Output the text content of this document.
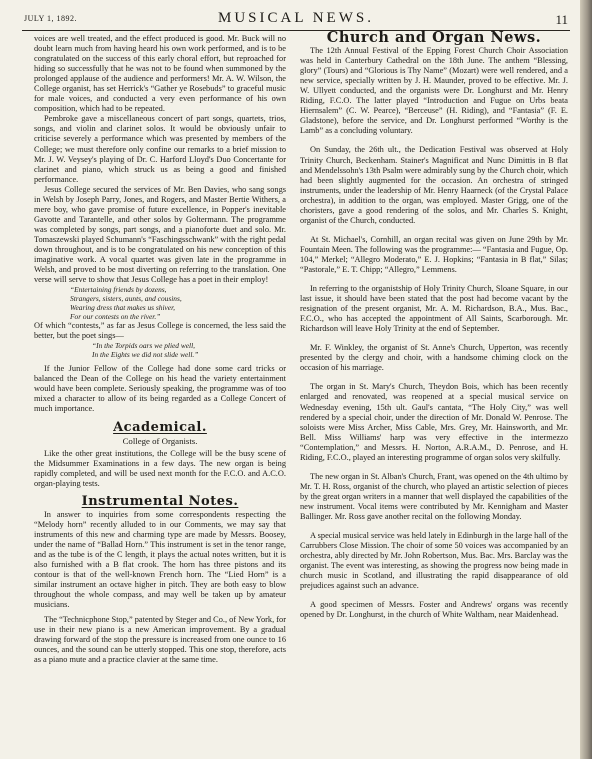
JULY 1, 1892.	MUSICAL NEWS.	11

voices are well treated, and the effect produced is good. Mr. Buck will no doubt learn much from having heard his own work performed, and is to be congratulated on the success of this early choral effort, but reproached for hiding so successfully that he was not to be found when summoned by the prolonged applause of the audience and performers! Mr. A. W. Wilson, the College organist, has set Herrick's “Gather ye Rosebuds” to graceful music for male voices, and conducted a very even performance of his own composition, which had to be repeated.

Pembroke gave a miscellaneous concert of part songs, quartets, trios, songs, and violin and clarinet solos. It would be obviously unfair to criticise severely a performance which was presented by members of the College; we must therefore only confine our remarks to a brief mission to Mr. J. W. Veysey's playing of Dr. C. Harford Lloyd's Duo Concertante for clarinet and piano, which struck us as being a good and finished performance.

Jesus College secured the services of Mr. Ben Davies, who sang songs in Welsh by Joseph Parry, Jones, and Rogers, and Master Bertie Withers, a mere boy, who gave promise of future excellence, in Popper's inevitable Gavotte and Tarantelle, and other solos by Goltermann. The programme was completed by songs, part songs, and a pianoforte duet and solo. Mr. Tomaszewski played Schumann's “Faschingsschwank” with the right pedal down throughout, and is to be congratulated on his new conception of this imaginative work. A vocal quartet was given late in the programme in Welsh, and proved to be most diverting on referring to the translation. One verse will serve to show that Jesus College has a poet in their employ!

“Entertaining friends by dozens,
Strangers, sisters, aunts, and cousins,
Wearing dress that makes us shiver,
For our contests on the river.”

Of which “contests,” as far as Jesus College is concerned, the less said the better, but the poet sings—

“In the Torpids oars we plied well,
In the Eights we did not slide well.”

If the Junior Fellow of the College had done some card tricks or balanced the Dean of the College on his head the variety entertainment would have been complete. Seriously speaking, the programme was of too mixed a character to allow of its being regarded as a College Concert of much importance.

Academical.
College of Organists.

Like the other great institutions, the College will be the busy scene of the Midsummer Examinations in a few days. The new organ is being rapidly completed, and will be used next month for the F.C.O. and A.C.O. organ-playing tests.

Instrumental Notes.

In answer to inquiries from some correspondents respecting the “Melody horn” recently alluded to in our Comments, we may say that instruments of this new and charming type are made by Messrs. Boosey, under the name of “Ballad Horn.” This instrument is set in the tenor range, and as the tube is of the C length, it plays the actual notes written, but it is also furnished with a B flat crook. The horn has three pistons and its contour is that of the well-known French horn. The “Lied Horn” is a similar instrument an octave higher in pitch. They are both easy to blow throughout the whole compass, and may well be taken up by amateur musicians.

The “Technicphone Stop,” patented by Steger and Co., of New York, for use in their new piano is a new American improvement. By a gradual drawing forward of the stop the pressure is increased from one ounce to 16 ounces, and the sound can be utterly stopped. This one stop, therefore, acts as a piano mute and a practice clavier at the same time.

Church and Organ News.

The 12th Annual Festival of the Epping Forest Church Choir Association was held in Canterbury Cathedral on the 18th June. The anthem “Blessing, glory” (Tours) and “Glorious is Thy Name” (Mozart) were well rendered, and a new service, specially written by J. H. Maunder, proved to be effective. Mr. J. W. Ullyett conducted, and the organists were Dr. Longhurst and Mr. Henry Riding, F.C.O. The latter played “Introduction and Fugue on Urbs beata Hiernsalem” (C. W. Pearce), “Berceuse” (H. Riding), and “Fantasia” (F. E. Gladstone), before the service, and Dr. Longhurst performed “Worthy is the Lamb” as a concluding voluntary.

On Sunday, the 26th ult., the Dedication Festival was observed at Holy Trinity Church, Beckenham. Stainer's Magnificat and Nunc Dimittis in B flat and Mendelssohn's 13th Psalm were admirably sung by the Church choir, which had been slightly augmented for the occasion. An orchestra of stringed instruments, under the leadership of Mr. Henry Haarneck (of the Crystal Palace orchestra), in addition to the organ, was employed. Master Grigg, one of the choristers, gave a good rendering of the solos, and Mr. Charles S. Knight, organist of the Church, conducted.

At St. Michael's, Cornhill, an organ recital was given on June 29th by Mr. Fountain Meen. The following was the programme:— “Fantasia and Fugue, Op. 104,” Merkel; “Allegro Moderato,” E. J. Hopkins; “Fantasia in B flat,” Silas; “Pastorale,” E. T. Chipp; “Allegro,” Lemmens.

In referring to the organistship of Holy Trinity Church, Sloane Square, in our last issue, it should have been stated that the post had become vacant by the resignation of the present organist, Mr. A. M. Richardson, B.A., Mus. Bac., F.C.O., who has accepted the appointment of All Saints, Scarborough. Mr. Richardson will leave Holy Trinity at the end of September.

Mr. F. Winkley, the organist of St. Anne's Church, Upperton, was recently presented by the clergy and choir, with a handsome chiming clock on the occasion of his marriage.

The organ in St. Mary's Church, Theydon Bois, which has been recently enlarged and renovated, was reopened at a special musical service on Wednesday evening, 15th ult. Gaul's cantata, “The Holy City,” was well rendered by a special choir, under the direction of Mr. Donald W. Penrose. The soloists were Miss Archer, Miss Cable, Mrs. Grey, Mr. Hainsworth, and Mr. Bell. Miss Williams' harp was very effective in the intermezzo “Contemplation,” and Messrs. H. Norton, A.R.A.M., D. Penrose, and H. Riding, F.C.O., played an interesting programme of organ solos very skilfully.

The new organ in St. Alban's Church, Frant, was opened on the 4th ultimo by Mr. T. H. Ross, organist of the church, who played an artistic selection of pieces by the great organ writers in a manner that well displayed the capabilities of the new instrument. Vocal items were contributed by Mr. Kennigham and Master Ballinger. Mr. Ross gave another recital on the following Monday.

A special musical service was held lately in Edinburgh in the large hall of the Carrubbers Close Mission. The choir of some 50 voices was accompanied by an orchestra, ably directed by Mr. John Robertson, Mus. Bac. Mrs. Barclay was the organist. The event was interesting, as showing the progress now being made in church music in Scotland, and illustrating the rapid disappearance of old prejudices against such an advance.

A good specimen of Messrs. Foster and Andrews' organs was recently opened by Dr. Longhurst, in the church of White Waltham, near Maidenhead.
